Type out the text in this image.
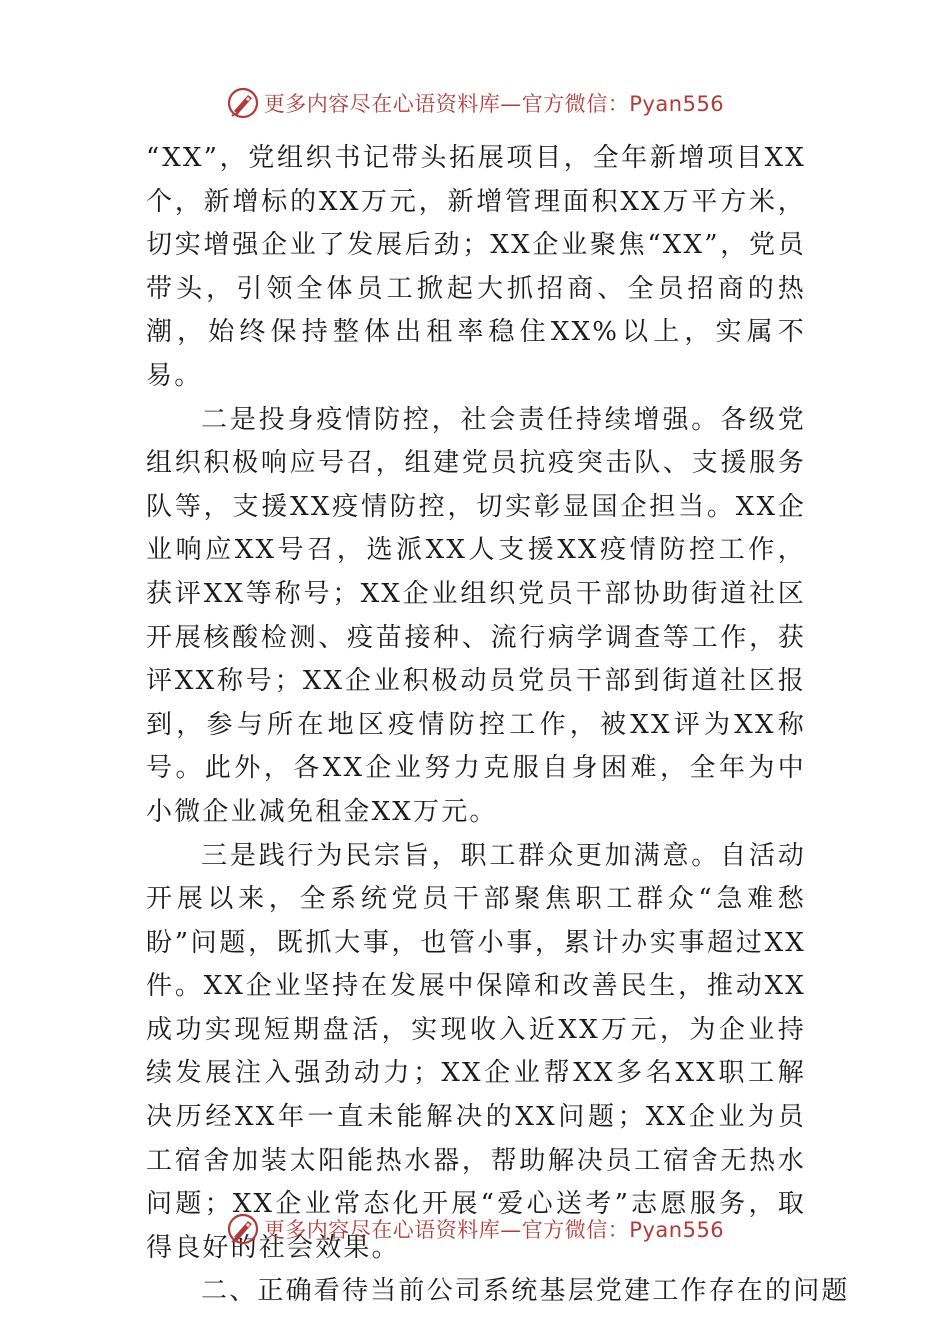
更多内容尽在心语资料库—官方微信：Pyan556

“XX”，党组织书记带头拓展项目，全年新增项目XX个，新增标的XX万元，新增管理面积XX万平方米，切实增强企业了发展后劲；XX企业聚焦“XX”，党员带头，引领全体员工掀起大抓招商、全员招商的热潮，始终保持整体出租率稳住XX%以上，实属不易。

二是投身疫情防控，社会责任持续增强。各级党组织积极响应号召，组建党员抗疫突击队、支援服务队等，支援XX疫情防控，切实彰显国企担当。XX企业响应XX号召，选派XX人支援XX疫情防控工作，获评XX等称号；XX企业组织党员干部协助街道社区开展核酸检测、疫苗接种、流行病学调查等工作，获评XX称号；XX企业积极动员党员干部到街道社区报到，参与所在地区疫情防控工作，被XX评为XX称号。此外，各XX企业努力克服自身困难，全年为中小微企业减免租金XX万元。

三是践行为民宗旨，职工群众更加满意。自活动开展以来，全系统党员干部聚焦职工群众“急难愁盼”问题，既抓大事，也管小事，累计办实事超过XX件。XX企业坚持在发展中保障和改善民生，推动XX成功实现短期盘活，实现收入近XX万元，为企业持续发展注入强劲动力；XX企业帮XX多名XX职工解决历经XX年一直未能解决的XX问题；XX企业为员工宿舍加装太阳能热水器，帮助解决员工宿舍无热水问题；XX企业常态化开展“爱心送考”志愿服务，取得良好的社会效果。

二、正确看待当前公司系统基层党建工作存在的问题

更多内容尽在心语资料库—官方微信：Pyan556
